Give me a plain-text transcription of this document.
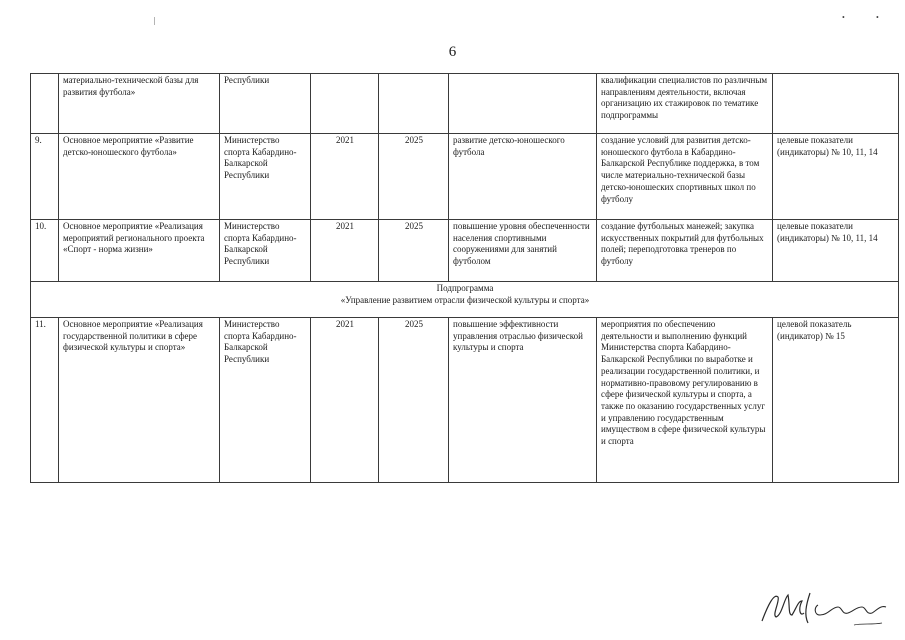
6
	материально-технической базы для развития футбола»	Республики				квалификации специалистов по различным направлениям деятельности, включая организацию их стажировок по тематике подпрограммы	
9.	Основное мероприятие «Развитие детско-юношеского футбола»	Министерство спорта Кабардино-Балкарской Республики	2021	2025	развитие детско-юношеского футбола	создание условий для развития детско-юношеского футбола в Кабардино-Балкарской Республике поддержка, в том числе материально-технической базы детско-юношеских спортивных школ по футболу	целевые показатели (индикаторы) № 10, 11, 14
10.	Основное мероприятие «Реализация мероприятий регионального проекта «Спорт - норма жизни»	Министерство спорта Кабардино-Балкарской Республики	2021	2025	повышение уровня обеспеченности населения спортивными сооружениями для занятий футболом	создание футбольных манежей; закупка искусственных покрытий для футбольных полей; переподготовка тренеров по футболу	целевые показатели (индикаторы) № 10, 11, 14

Подпрограмма
«Управление развитием отрасли физической культуры и спорта»							

11.	Основное мероприятие «Реализация государственной политики в сфере физической культуры и спорта»	Министерство спорта Кабардино-Балкарской Республики	2021	2025	повышение эффективности управления отраслью физической культуры и спорта	мероприятия по обеспечению деятельности и выполнению функций Министерства спорта Кабардино-Балкарской Республики по выработке и реализации государственной политики, и нормативно-правовому регулированию в сфере физической культуры и спорта, а также по оказанию государственных услуг и управлению государственным имуществом в сфере физической культуры и спорта	целевой показатель (индикатор) № 15
•	•
|
